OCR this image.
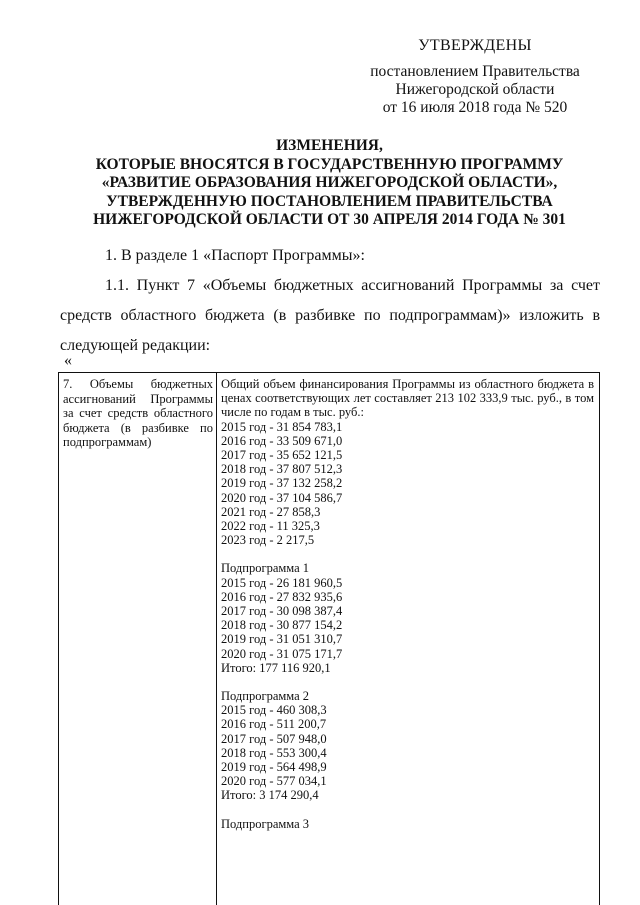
УТВЕРЖДЕНЫ
постановлением Правительства
Нижегородской области
от 16 июля 2018 года № 520
ИЗМЕНЕНИЯ,
КОТОРЫЕ ВНОСЯТСЯ В ГОСУДАРСТВЕННУЮ ПРОГРАММУ
«РАЗВИТИЕ ОБРАЗОВАНИЯ НИЖЕГОРОДСКОЙ ОБЛАСТИ»,
УТВЕРЖДЕННУЮ ПОСТАНОВЛЕНИЕМ ПРАВИТЕЛЬСТВА
НИЖЕГОРОДСКОЙ ОБЛАСТИ ОТ 30 АПРЕЛЯ 2014 ГОДА № 301
1. В разделе 1 «Паспорт Программы»:
1.1. Пункт 7 «Объемы бюджетных ассигнований Программы за счет средств областного бюджета (в разбивке по подпрограммам)» изложить в следующей редакции:
«
7. Объемы бюджетных ассигнований Программы за счет средств областного бюджета (в разбивке по подпрограммам)
Общий объем финансирования Программы из областного бюджета в ценах соответствующих лет составляет 213 102 333,9 тыс. руб., в том числе по годам в тыс. руб.:
2015 год - 31 854 783,1
2016 год - 33 509 671,0
2017 год - 35 652 121,5
2018 год - 37 807 512,3
2019 год - 37 132 258,2
2020 год - 37 104 586,7
2021 год - 27 858,3
2022 год - 11 325,3
2023 год - 2 217,5
Подпрограмма 1
2015 год - 26 181 960,5
2016 год - 27 832 935,6
2017 год - 30 098 387,4
2018 год - 30 877 154,2
2019 год - 31 051 310,7
2020 год - 31 075 171,7
Итого: 177 116 920,1
Подпрограмма 2
2015 год - 460 308,3
2016 год - 511 200,7
2017 год - 507 948,0
2018 год - 553 300,4
2019 год - 564 498,9
2020 год - 577 034,1
Итого: 3 174 290,4
Подпрограмма 3
